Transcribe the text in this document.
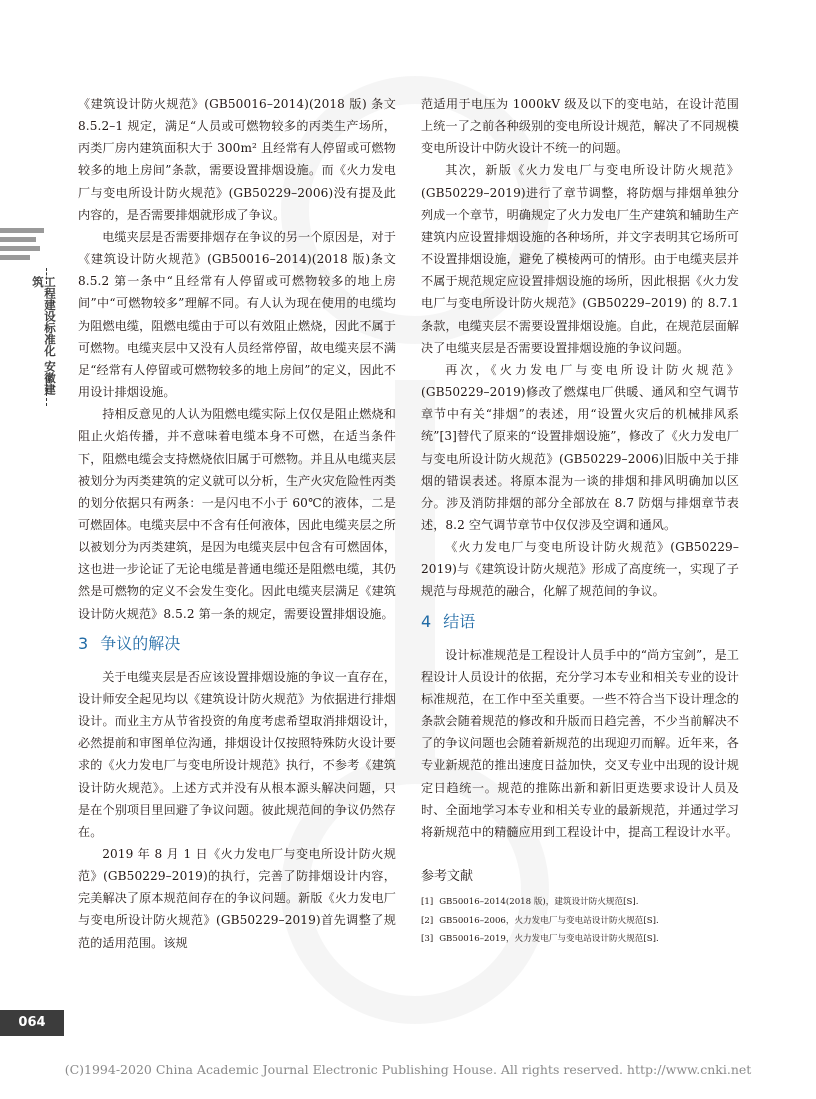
工程建设标准化 安徽建筑

《建筑设计防火规范》(GB50016–2014)(2018 版) 条文 8.5.2–1 规定，满足“人员或可燃物较多的丙类生产场所，丙类厂房内建筑面积大于 300m² 且经常有人停留或可燃物较多的地上房间”条款，需要设置排烟设施。而《火力发电厂与变电所设计防火规范》(GB50229–2006)没有提及此内容的，是否需要排烟就形成了争议。

电缆夹层是否需要排烟存在争议的另一个原因是，对于《建筑设计防火规范》(GB50016–2014)(2018 版)条文 8.5.2 第一条中“且经常有人停留或可燃物较多的地上房间”中“可燃物较多”理解不同。有人认为现在使用的电缆均为阻燃电缆，阻燃电缆由于可以有效阻止燃烧，因此不属于可燃物。电缆夹层中又没有人员经常停留，故电缆夹层不满足“经常有人停留或可燃物较多的地上房间”的定义，因此不用设计排烟设施。

持相反意见的人认为阻燃电缆实际上仅仅是阻止燃烧和阻止火焰传播，并不意味着电缆本身不可燃，在适当条件下，阻燃电缆会支持燃烧依旧属于可燃物。并且从电缆夹层被划分为丙类建筑的定义就可以分析，生产火灾危险性丙类的划分依据只有两条：一是闪电不小于 60℃的液体，二是可燃固体。电缆夹层中不含有任何液体，因此电缆夹层之所以被划分为丙类建筑，是因为电缆夹层中包含有可燃固体，这也进一步论证了无论电缆是普通电缆还是阻燃电缆，其仍然是可燃物的定义不会发生变化。因此电缆夹层满足《建筑设计防火规范》8.5.2 第一条的规定，需要设置排烟设施。

3 争议的解决

关于电缆夹层是否应该设置排烟设施的争议一直存在，设计师安全起见均以《建筑设计防火规范》为依据进行排烟设计。而业主方从节省投资的角度考虑希望取消排烟设计，必然提前和审图单位沟通，排烟设计仅按照特殊防火设计要求的《火力发电厂与变电所设计规范》执行，不参考《建筑设计防火规范》。上述方式并没有从根本源头解决问题，只是在个别项目里回避了争议问题。彼此规范间的争议仍然存在。

2019 年 8 月 1 日《火力发电厂与变电所设计防火规范》(GB50229–2019)的执行，完善了防排烟设计内容，完美解决了原本规范间存在的争议问题。新版《火力发电厂与变电所设计防火规范》(GB50229–2019)首先调整了规范的适用范围。该规

范适用于电压为 1000kV 级及以下的变电站，在设计范围上统一了之前各种级别的变电所设计规范，解决了不同规模变电所设计中防火设计不统一的问题。

其次，新版《火力发电厂与变电所设计防火规范》(GB50229–2019)进行了章节调整，将防烟与排烟单独分列成一个章节，明确规定了火力发电厂生产建筑和辅助生产建筑内应设置排烟设施的各种场所，并文字表明其它场所可不设置排烟设施，避免了模棱两可的情形。由于电缆夹层并不属于规范规定应设置排烟设施的场所，因此根据《火力发电厂与变电所设计防火规范》(GB50229–2019) 的 8.7.1 条款，电缆夹层不需要设置排烟设施。自此，在规范层面解决了电缆夹层是否需要设置排烟设施的争议问题。

再次，《火力发电厂与变电所设计防火规范》(GB50229–2019)修改了燃煤电厂供暖、通风和空气调节章节中有关“排烟”的表述，用“设置火灾后的机械排风系统”[3]替代了原来的“设置排烟设施”，修改了《火力发电厂与变电所设计防火规范》(GB50229–2006)旧版中关于排烟的错误表述。将原本混为一谈的排烟和排风明确加以区分。涉及消防排烟的部分全部放在 8.7 防烟与排烟章节表述，8.2 空气调节章节中仅仅涉及空调和通风。

《火力发电厂与变电所设计防火规范》(GB50229–2019)与《建筑设计防火规范》形成了高度统一，实现了子规范与母规范的融合，化解了规范间的争议。

4 结语

设计标准规范是工程设计人员手中的“尚方宝剑”，是工程设计人员设计的依据，充分学习本专业和相关专业的设计标准规范，在工作中至关重要。一些不符合当下设计理念的条款会随着规范的修改和升版而日趋完善，不少当前解决不了的争议问题也会随着新规范的出现迎刃而解。近年来，各专业新规范的推出速度日益加快，交叉专业中出现的设计规定日趋统一。规范的推陈出新和新旧更迭要求设计人员及时、全面地学习本专业和相关专业的最新规范，并通过学习将新规范中的精髓应用到工程设计中，提高工程设计水平。

参考文献
[1] GB50016–2014(2018 版)，建筑设计防火规范[S].
[2] GB50016–2006，火力发电厂与变电站设计防火规范[S].
[3] GB50016–2019，火力发电厂与变电站设计防火规范[S].
064
(C)1994-2020 China Academic Journal Electronic Publishing House. All rights reserved. http://www.cnki.net
